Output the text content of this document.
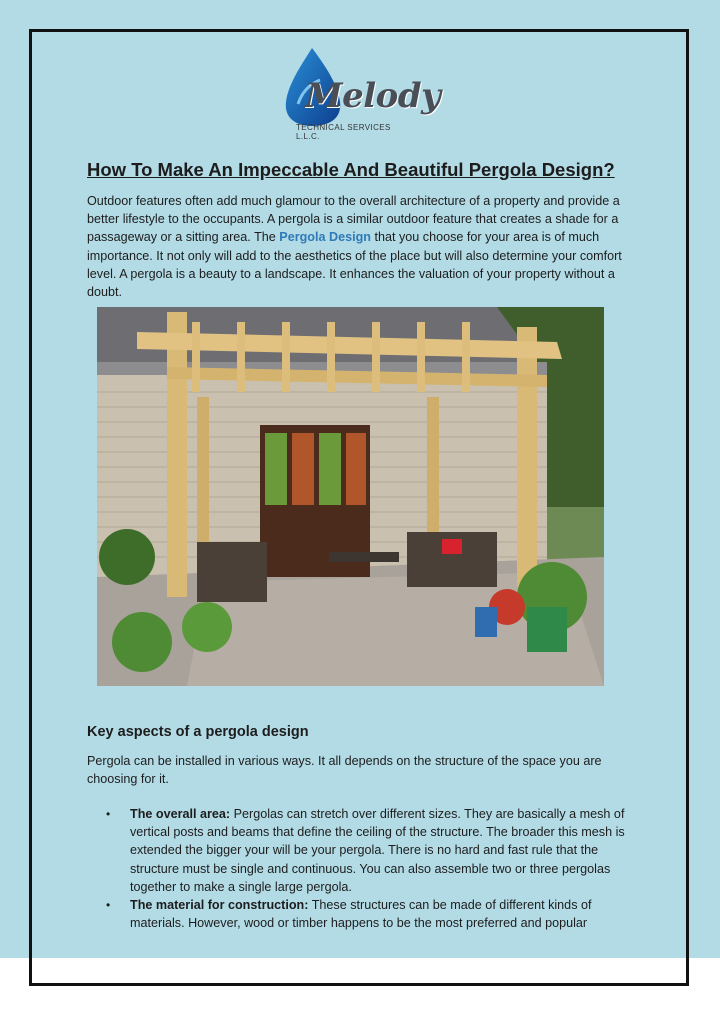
Melody
TECHNICAL SERVICES L.L.C.
How To Make An Impeccable And Beautiful Pergola Design?

Outdoor features often add much glamour to the overall architecture of a property and provide a better lifestyle to the occupants. A pergola is a similar outdoor feature that creates a shade for a passageway or a sitting area. The Pergola Design that you choose for your area is of much importance. It not only will add to the aesthetics of the place but will also determine your comfort level. A pergola is a beauty to a landscape. It enhances the valuation of your property without a doubt.

Key aspects of a pergola design

Pergola can be installed in various ways. It all depends on the structure of the space you are choosing for it.

• The overall area: Pergolas can stretch over different sizes. They are basically a mesh of vertical posts and beams that define the ceiling of the structure. The broader this mesh is extended the bigger your will be your pergola. There is no hard and fast rule that the structure must be single and continuous. You can also assemble two or three pergolas together to make a single large pergola.
• The material for construction: These structures can be made of different kinds of materials. However, wood or timber happens to be the most preferred and popular
